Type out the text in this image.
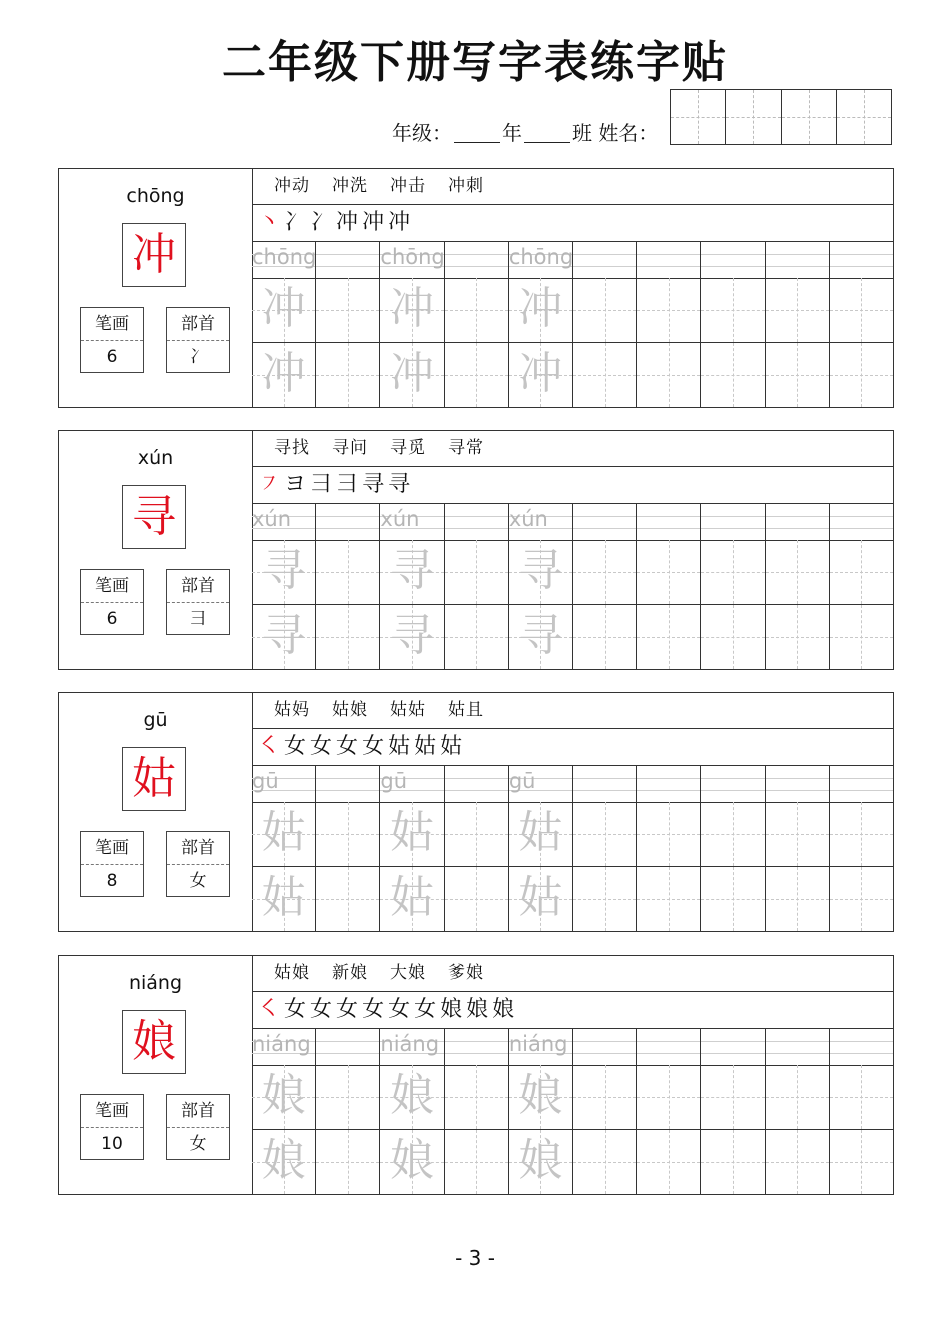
二年级下册写字表练字贴
年级：	年	班 姓名：
chōng
冲
笔画
6
部首
冫
冲动 冲洗 冲击 冲刺
丶 冫 冫 冲 冲 冲
chōng	chōng	chōng
冲 冲 冲
冲 冲 冲
xún
寻
笔画
6
部首
彐
寻找 寻问 寻觅 寻常
㇇ ヨ 彐 ⺕ 寻 寻
xún	xún	xún
寻 寻 寻
寻 寻 寻
gū
姑
笔画
8
部首
女
姑妈 姑娘 姑姑 姑且
㇛ 女 女 女 女 姑 姑 姑
gū	gū	gū
姑 姑 姑
姑 姑 姑
niáng
娘
笔画
10
部首
女
姑娘 新娘 大娘 爹娘
㇛ 女 女 女 女 女 女 娘 娘 娘
niáng	niáng	niáng
娘 娘 娘
娘 娘 娘
- 3 -
